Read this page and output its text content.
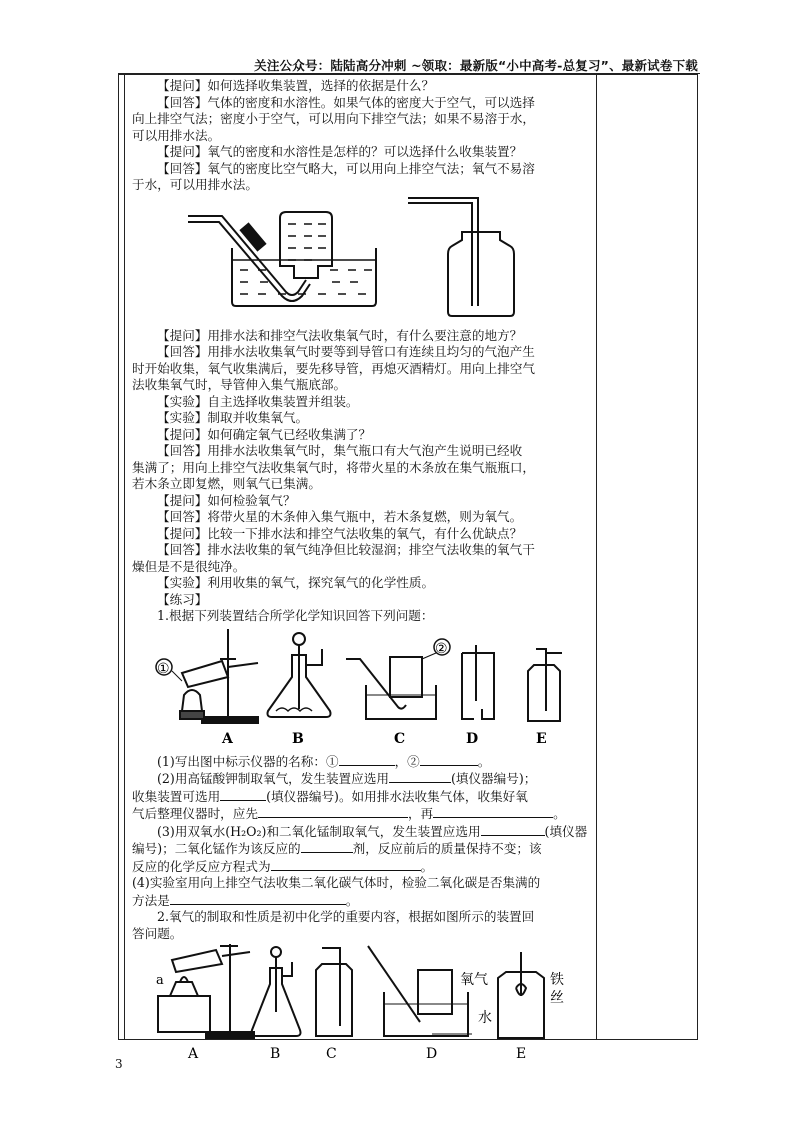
关注公众号：陆陆高分冲刺 ~领取：最新版“小中高考-总复习”、最新试卷下载

【提问】如何选择收集装置，选择的依据是什么？

【回答】气体的密度和水溶性。如果气体的密度大于空气，可以选择

向上排空气法；密度小于空气，可以用向下排空气法；如果不易溶于水，

可以用排水法。

【提问】氧气的密度和水溶性是怎样的？可以选择什么收集装置？

【回答】氧气的密度比空气略大，可以用向上排空气法；氧气不易溶

于水，可以用排水法。

【提问】用排水法和排空气法收集氧气时，有什么要注意的地方？

【回答】用排水法收集氧气时要等到导管口有连续且均匀的气泡产生

时开始收集，氧气收集满后，要先移导管，再熄灭酒精灯。用向上排空气

法收集氧气时，导管伸入集气瓶底部。

【实验】自主选择收集装置并组装。

【实验】制取并收集氧气。

【提问】如何确定氧气已经收集满了？

【回答】用排水法收集氧气时，集气瓶口有大气泡产生说明已经收

集满了；用向上排空气法收集氧气时，将带火星的木条放在集气瓶瓶口，

若木条立即复燃，则氧气已集满。

【提问】如何检验氧气？

【回答】将带火星的木条伸入集气瓶中，若木条复燃，则为氧气。

【提问】比较一下排水法和排空气法收集的氧气，有什么优缺点？

【回答】排水法收集的氧气纯净但比较湿润；排空气法收集的氧气干

燥但是不是很纯净。

【实验】利用收集的氧气，探究氧气的化学性质。

【练习】

1.根据下列装置结合所学化学知识回答下列问题：

①
②
A	B	C	D	E

(1)写出图中标示仪器的名称：①	，②	。

(2)用高锰酸钾制取氧气，发生装置应选用	(填仪器编号)；

收集装置可选用	(填仪器编号)。如用排水法收集气体，收集好氧

气后整理仪器时，应先	，再	。

(3)用双氧水(H₂O₂)和二氧化锰制取氧气，发生装置应选用	(填仪器

编号)；二氧化锰作为该反应的	剂，反应前后的质量保持不变；该

反应的化学反应方程式为	。

(4)实验室用向上排空气法收集二氧化碳气体时，检验二氧化碳是否集满的

方法是	。

2.氧气的制取和性质是初中化学的重要内容，根据如图所示的装置回

答问题。

a	氧气
水
铁
丝
A	B	C	D	E
3
